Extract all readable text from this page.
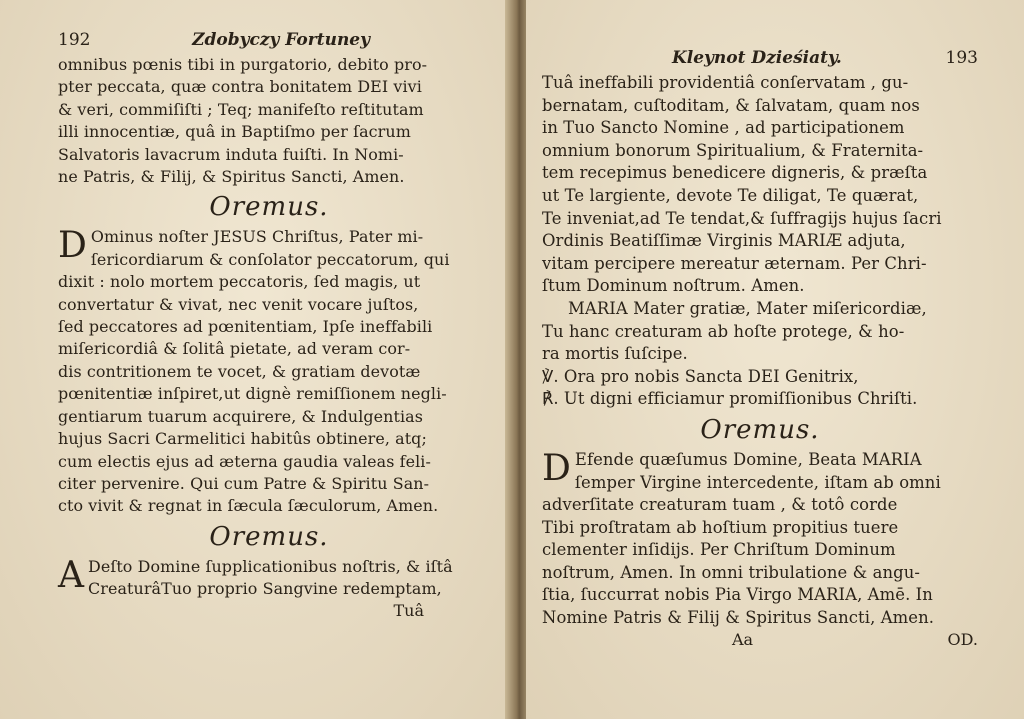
192	Zdobyczy Fortuney
omnibus pœnis tibi in purgatorio, debito pro-
pter peccata, quæ contra bonitatem DEI vivi
& veri, commiſiſti ; Teq; manifeſto reſtitutam
illi innocentiæ, quâ in Baptiſmo per ſacrum
Salvatoris lavacrum induta fuiſti. In Nomi-
ne Patris, & Filij, & Spiritus Sancti, Amen.
Oremus.
D Ominus noſter JESUS Chriſtus, Pater mi-
ſericordiarum & conſolator peccatorum, qui
dixit : nolo mortem peccatoris, ſed magis, ut
convertatur & vivat, nec venit vocare juſtos,
ſed peccatores ad pœnitentiam, Ipſe ineffabili
miſericordiâ & ſolitâ pietate, ad veram cor-
dis contritionem te vocet, & gratiam devotæ
pœnitentiæ inſpiret,ut dignè remiſſionem negli-
gentiarum tuarum acquirere, & Indulgentias
hujus Sacri Carmelitici habitûs obtinere, atq;
cum electis ejus ad æterna gaudia valeas feli-
citer pervenire. Qui cum Patre & Spiritu San-
cto vivit & regnat in ſæcula ſæculorum, Amen.
Oremus.
A Deſto Domine ſupplicationibus noſtris, & iſtâ
CreaturâTuo proprio Sangvine redemptam,
Tuâ
Kleynot Dzieśiaty.	193
Tuâ ineffabili providentiâ conſervatam , gu-
bernatam, cuſtoditam, & ſalvatam, quam nos
in Tuo Sancto Nomine , ad participationem
omnium bonorum Spiritualium, & Fraternita-
tem recepimus benedicere digneris, & præſta
ut Te largiente, devote Te diligat, Te quærat,
Te inveniat,ad Te tendat,& ſuffragijs hujus ſacri
Ordinis Beatiſſimæ Virginis MARIÆ adjuta,
vitam percipere mereatur æternam. Per Chri-
ſtum Dominum noſtrum. Amen.
MARIA Mater gratiæ, Mater miſericordiæ,
Tu hanc creaturam ab hoſte protege, & ho-
ra mortis ſuſcipe.
℣. Ora pro nobis Sancta DEI Genitrix,
℟. Ut digni efficiamur promiſſionibus Chriſti.
Oremus.
D Efende quæſumus Domine, Beata MARIA
ſemper Virgine intercedente, iſtam ab omni
adverſitate creaturam tuam , & totô corde
Tibi proſtratam ab hoſtium propitius tuere
clementer inſidijs. Per Chriſtum Dominum
noſtrum, Amen. In omni tribulatione & angu-
ſtia, ſuccurrat nobis Pia Virgo MARIA, Amē. In
Nomine Patris & Filij & Spiritus Sancti, Amen.
Aa	OD.
